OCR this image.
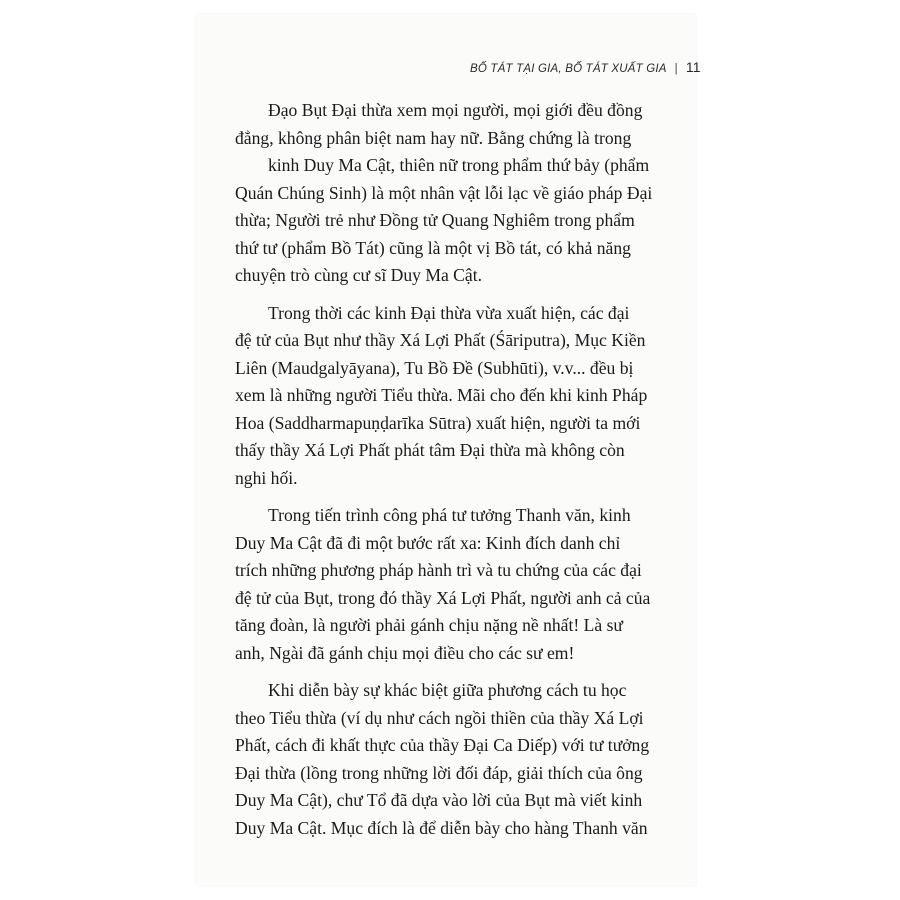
BỐ TÁT TẠI GIA, BỐ TÁT XUẤT GIA | 11
Đạo Bụt Đại thừa xem mọi người, mọi giới đều đồng
đẳng, không phân biệt nam hay nữ. Bằng chứng là trong
kinh Duy Ma Cật, thiên nữ trong phẩm thứ bảy (phẩm
Quán Chúng Sinh) là một nhân vật lỗi lạc về giáo pháp Đại
thừa; Người trẻ như Đồng tử Quang Nghiêm trong phẩm
thứ tư (phẩm Bồ Tát) cũng là một vị Bồ tát, có khả năng
chuyện trò cùng cư sĩ Duy Ma Cật.
Trong thời các kinh Đại thừa vừa xuất hiện, các đại
đệ tử của Bụt như thầy Xá Lợi Phất (Śāriputra), Mục Kiền
Liên (Maudgalyāyana), Tu Bồ Đề (Subhūti), v.v... đều bị
xem là những người Tiểu thừa. Mãi cho đến khi kinh Pháp
Hoa (Saddharmapuṇḍarīka Sūtra) xuất hiện, người ta mới
thấy thầy Xá Lợi Phất phát tâm Đại thừa mà không còn
nghi hối.
Trong tiến trình công phá tư tưởng Thanh văn, kinh
Duy Ma Cật đã đi một bước rất xa: Kinh đích danh chỉ
trích những phương pháp hành trì và tu chứng của các đại
đệ tử của Bụt, trong đó thầy Xá Lợi Phất, người anh cả của
tăng đoàn, là người phải gánh chịu nặng nề nhất! Là sư
anh, Ngài đã gánh chịu mọi điều cho các sư em!
Khi diễn bày sự khác biệt giữa phương cách tu học
theo Tiểu thừa (ví dụ như cách ngồi thiền của thầy Xá Lợi
Phất, cách đi khất thực của thầy Đại Ca Diếp) với tư tưởng
Đại thừa (lồng trong những lời đối đáp, giải thích của ông
Duy Ma Cật), chư Tổ đã dựa vào lời của Bụt mà viết kinh
Duy Ma Cật. Mục đích là để diễn bày cho hàng Thanh văn
